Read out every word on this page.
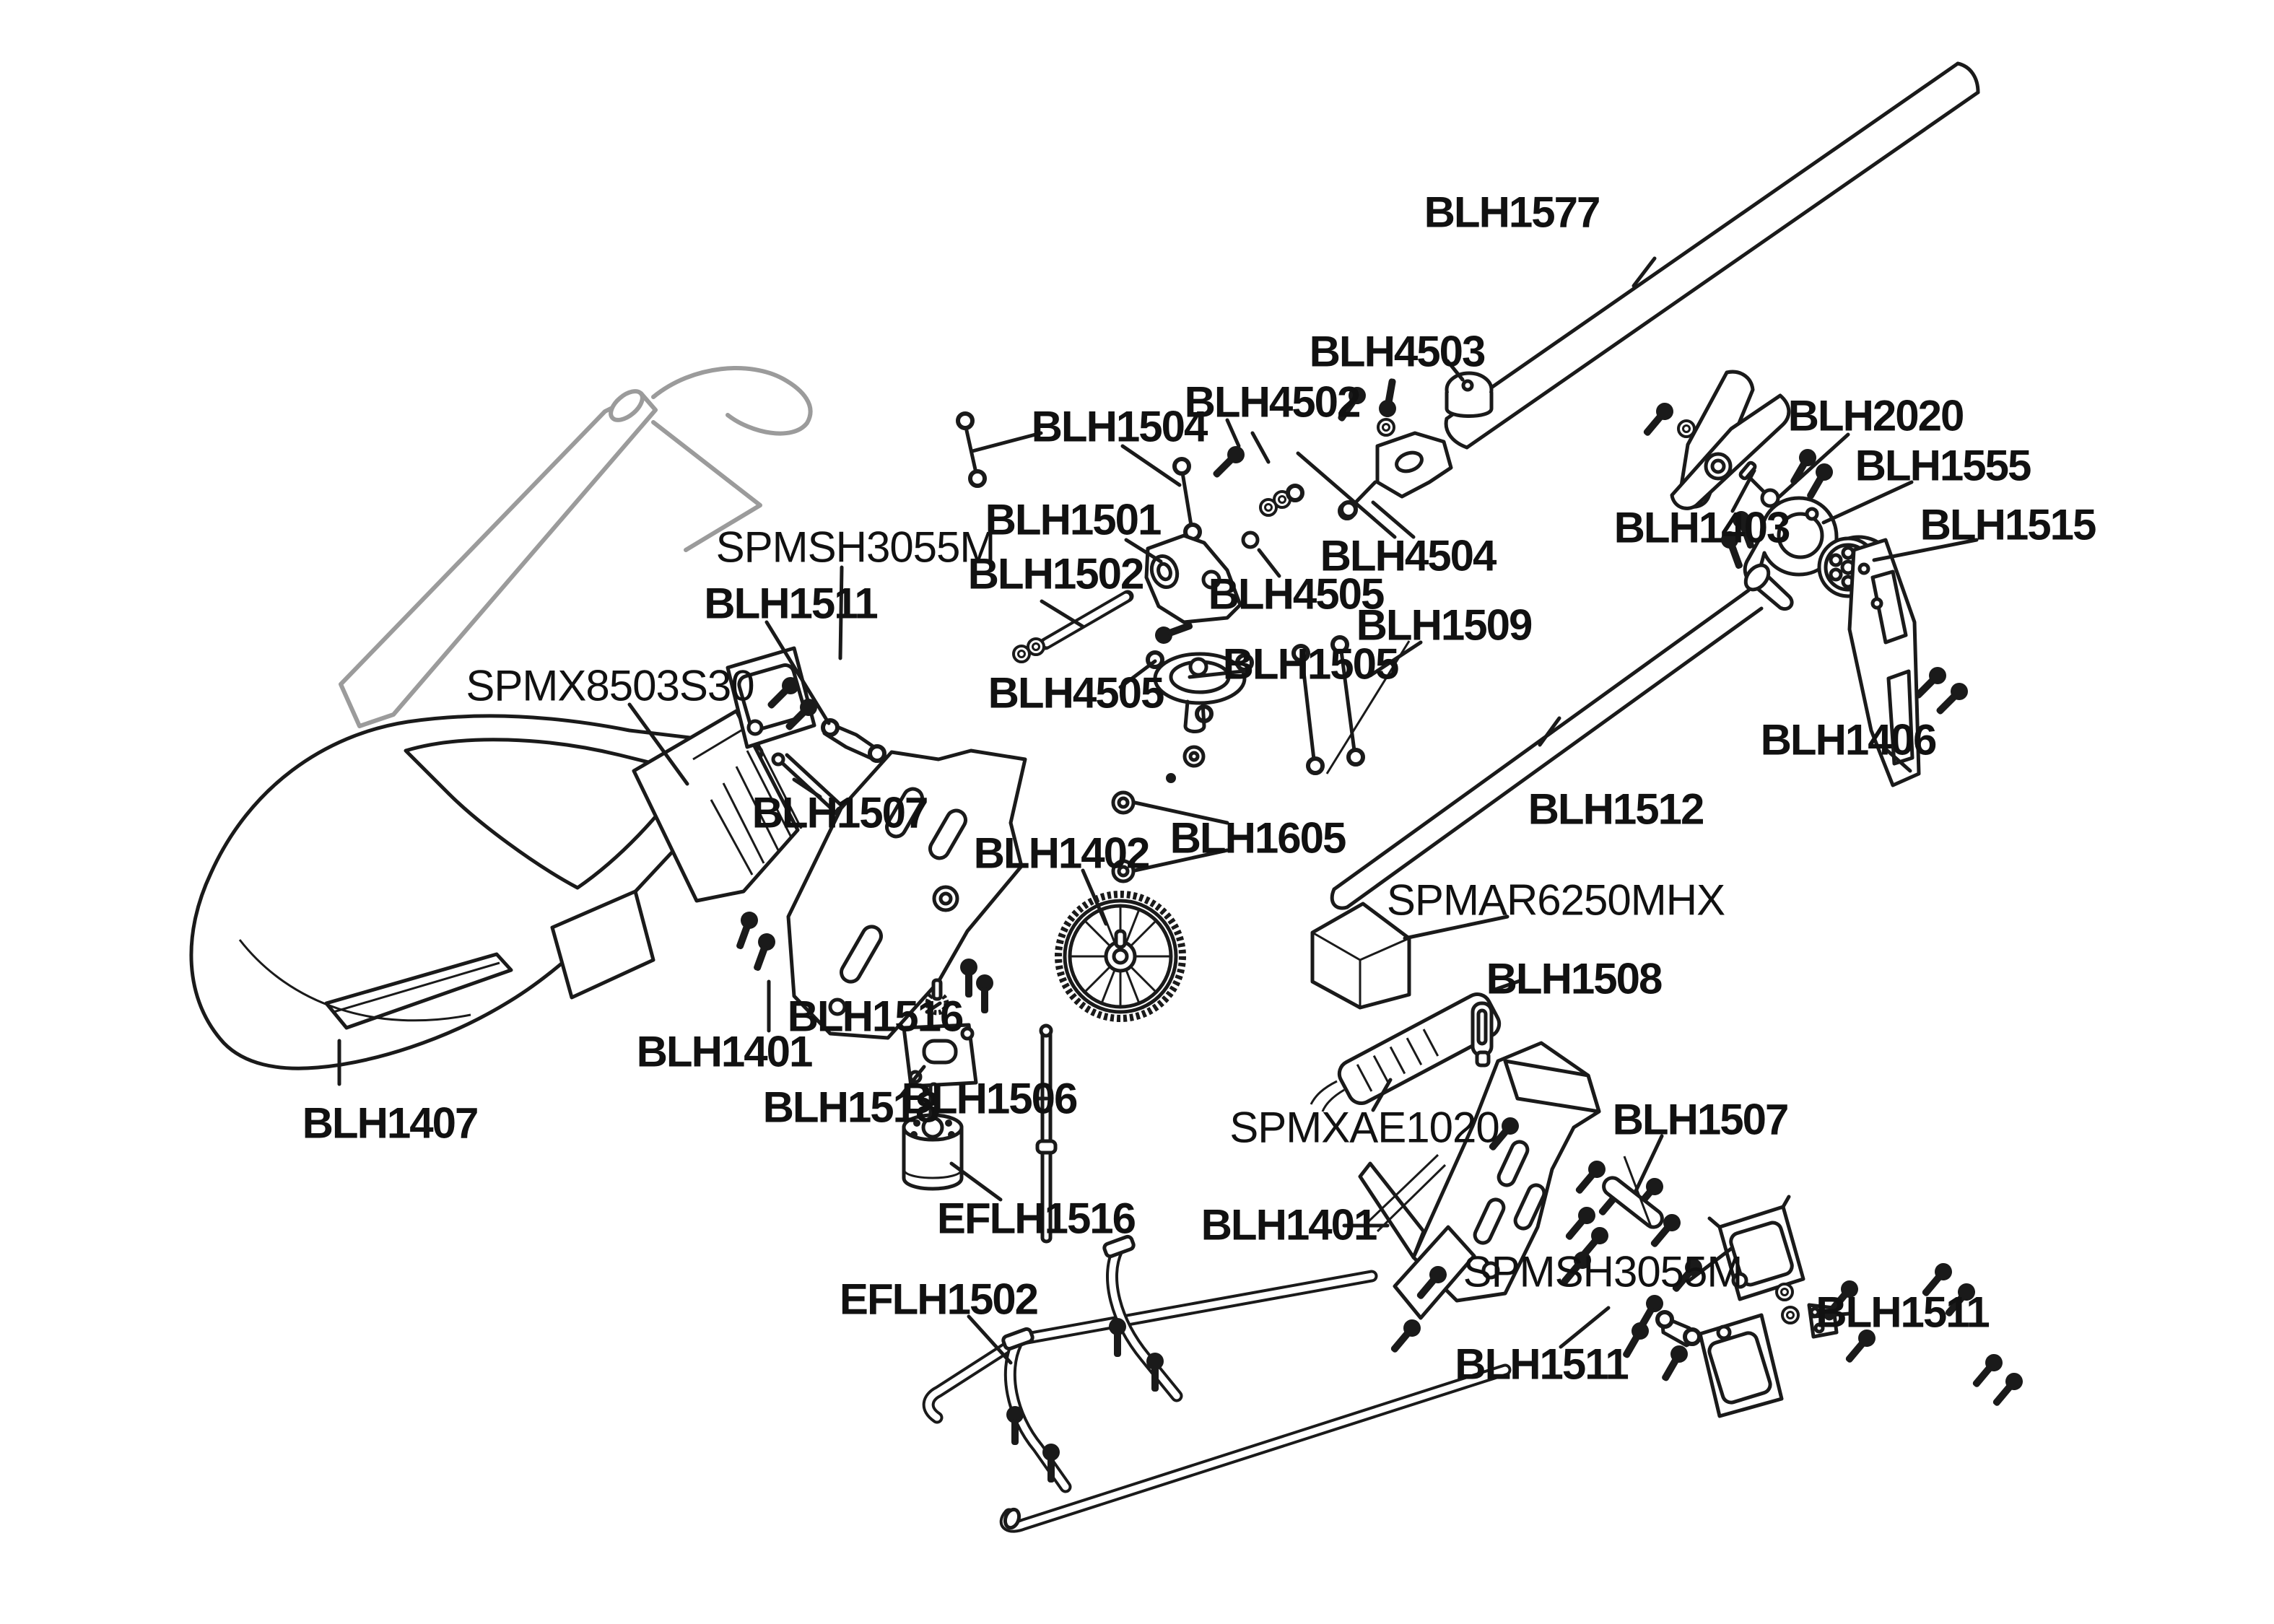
BLH1577
BLH4503
BLH4502
BLH1504
BLH1501
BLH1502
SPMSH3055M
BLH1511
SPMX8503S30
BLH4504
BLH4505
BLH4505
BLH1505
BLH1509
BLH2020
BLH1555
BLH1403	BLH1515
BLH1406
BLH1512
BLH1507
BLH1402 BLH1605
SPMAR6250MHX
BLH1508
BLH1516
BLH1401
BLH1518
BLH1506
SPMXAE1020
EFLH1516 BLH1401
BLH1507
SPMSH3055M
BLH1511
BLH1511
EFLH1502
BLH1407
